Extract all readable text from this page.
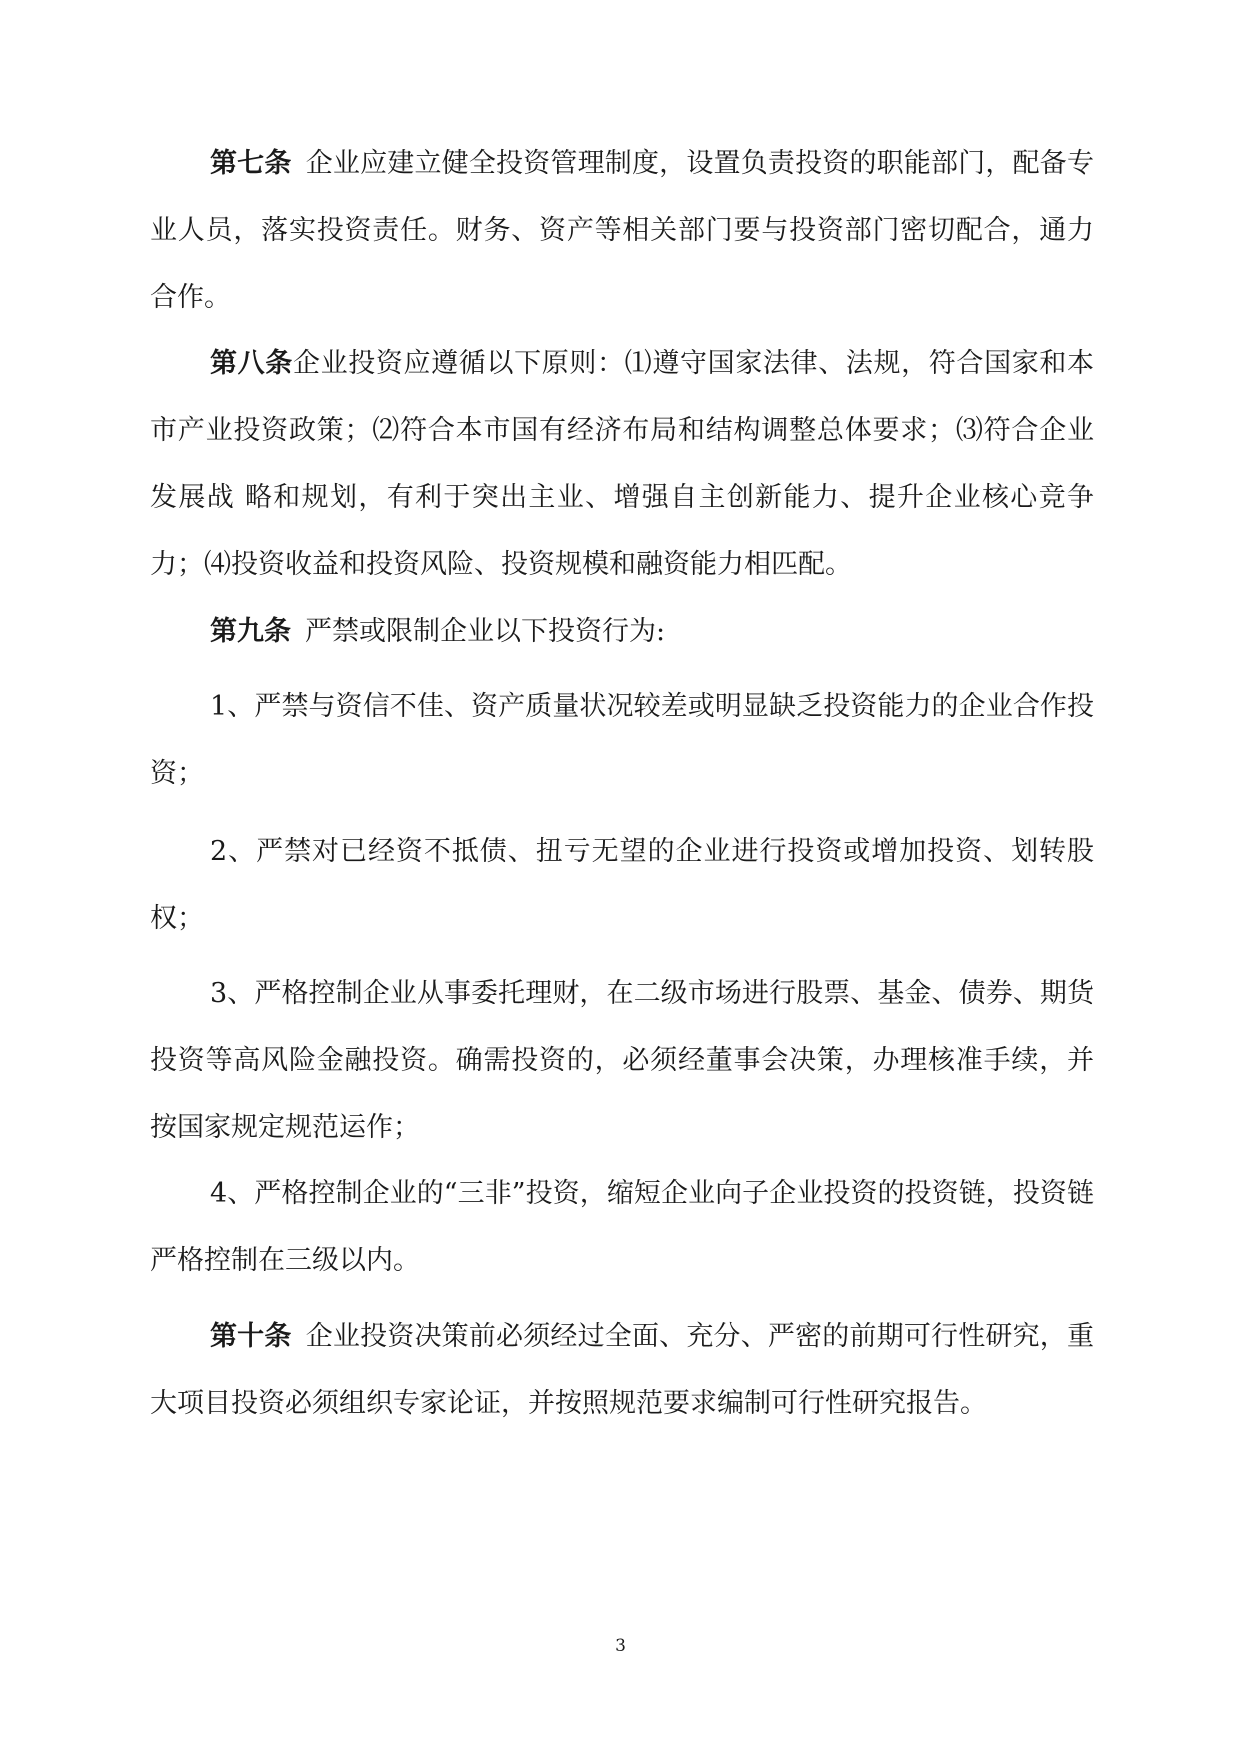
第七条 企业应建立健全投资管理制度，设置负责投资的职能部门，配备专业人员，落实投资责任。财务、资产等相关部门要与投资部门密切配合，通力合作。

第八条企业投资应遵循以下原则：⑴遵守国家法律、法规，符合国家和本市产业投资政策；⑵符合本市国有经济布局和结构调整总体要求；⑶符合企业发展战 略和规划，有利于突出主业、增强自主创新能力、提升企业核心竞争力；⑷投资收益和投资风险、投资规模和融资能力相匹配。

第九条 严禁或限制企业以下投资行为:

1、严禁与资信不佳、资产质量状况较差或明显缺乏投资能力的企业合作投资；

2、严禁对已经资不抵债、扭亏无望的企业进行投资或增加投资、划转股权；

3、严格控制企业从事委托理财，在二级市场进行股票、基金、债券、期货投资等高风险金融投资。确需投资的，必须经董事会决策，办理核准手续，并按国家规定规范运作；

4、严格控制企业的“三非”投资，缩短企业向子企业投资的投资链，投资链严格控制在三级以内。

第十条 企业投资决策前必须经过全面、充分、严密的前期可行性研究，重大项目投资必须组织专家论证，并按照规范要求编制可行性研究报告。

3
